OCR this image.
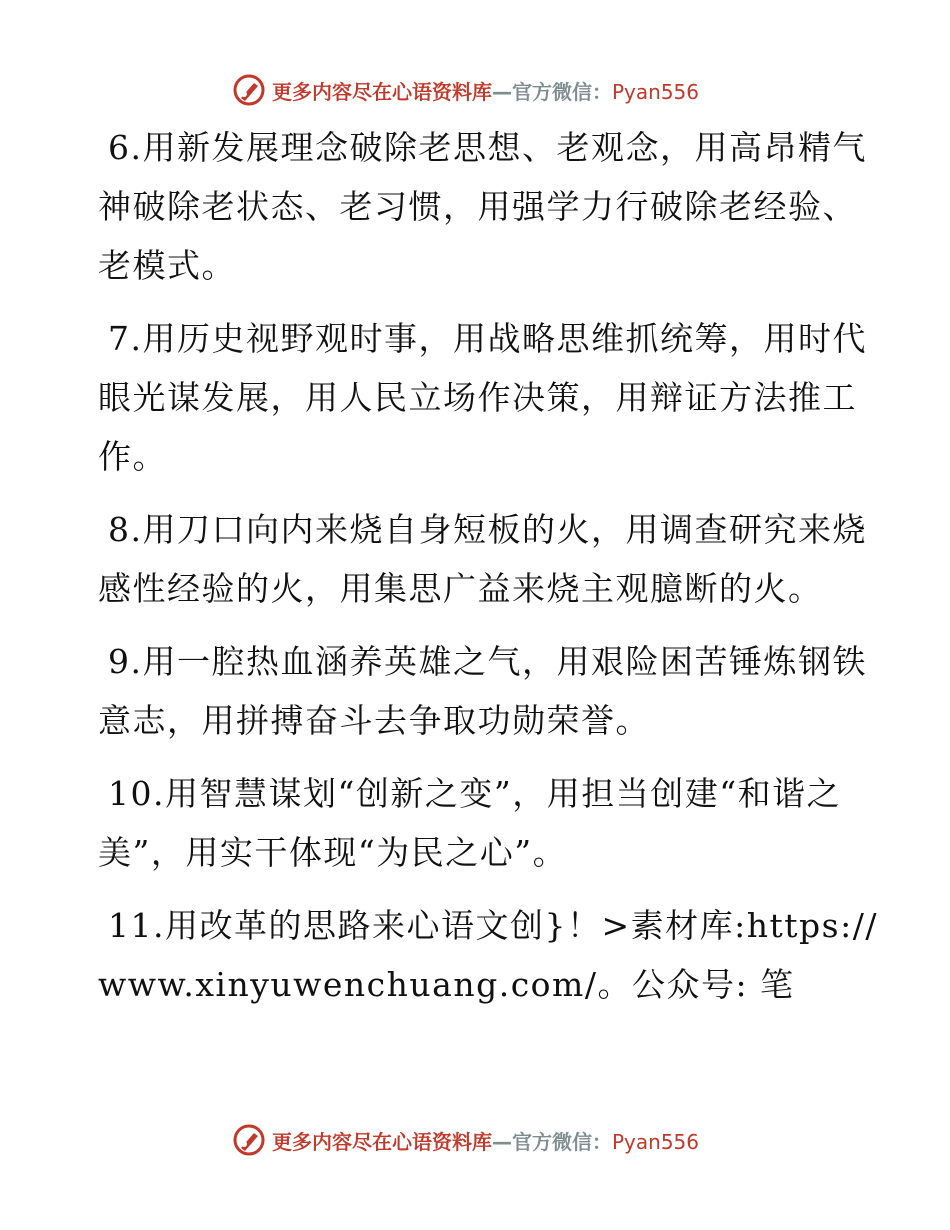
更多内容尽在心语资料库—官方微信：Pyan556

6.用新发展理念破除老思想、老观念，用高昂精气神破除老状态、老习惯，用强学力行破除老经验、老模式。

7.用历史视野观时事，用战略思维抓统筹，用时代眼光谋发展，用人民立场作决策，用辩证方法推工作。

8.用刀口向内来烧自身短板的火，用调查研究来烧感性经验的火，用集思广益来烧主观臆断的火。

9.用一腔热血涵养英雄之气，用艰险困苦锤炼钢铁意志，用拼搏奋斗去争取功勋荣誉。

10.用智慧谋划“创新之变”，用担当创建“和谐之美”，用实干体现“为民之心”。

11.用改革的思路来心语文创}！>素材库:https://www.xinyuwenchuang.com/。公众号: 笔

更多内容尽在心语资料库—官方微信：Pyan556
